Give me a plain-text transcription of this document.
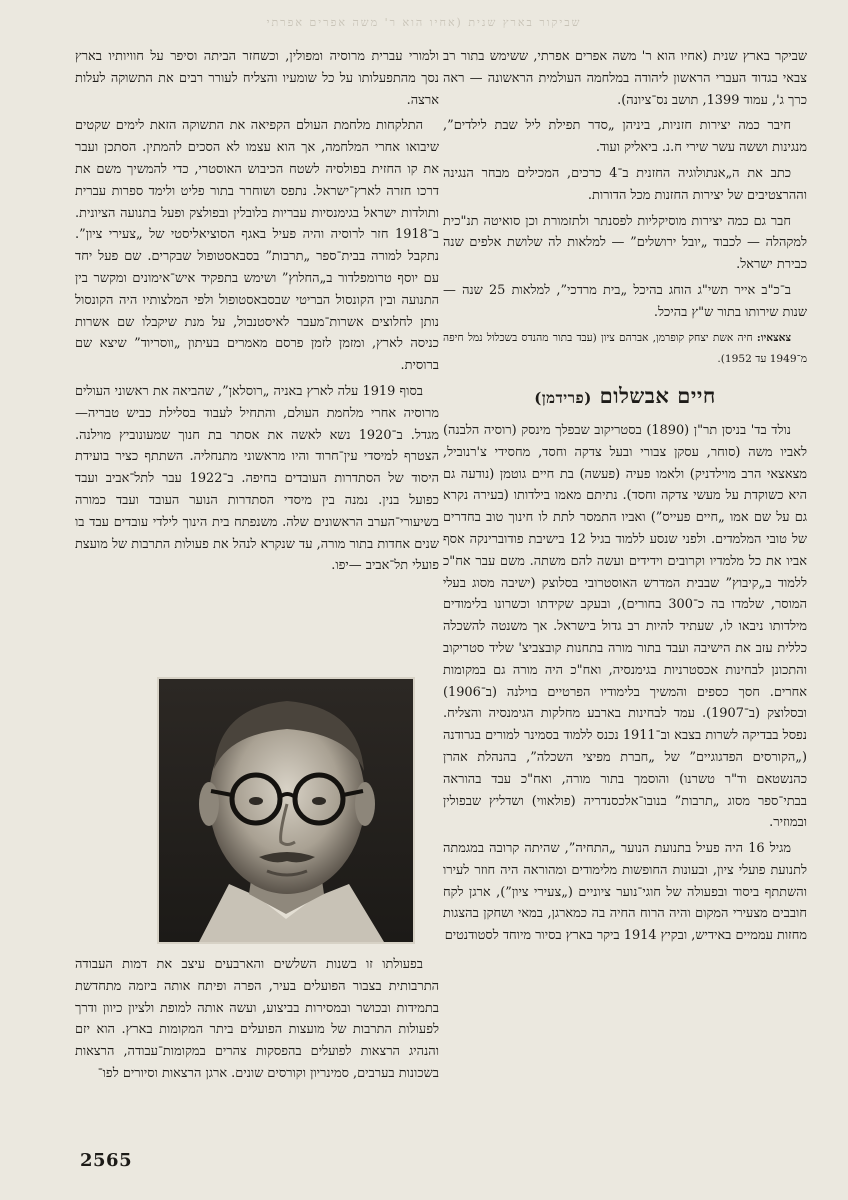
שביקור בארץ שנית (אחיו הוא ר' משה אפרים אפרתי

שביקר בארץ שנית (אחיו הוא ר' משה אפרים אפרתי, ששימש בתור רב צבאי בגדוד העברי הראשון ליהודה במלחמה העולמית הראשונה — ראה כרך ג', עמוד 1399, תושב נס־ציונה).

חיבר כמה יצירות חזניות, ביניהן „סדר תפילת ליל שבת לילדים”, מנגינות וששה עשר שירי ח.נ. ביאליק ועוד.

כתב את ה„אנתולוגיה החזנית ב־4 כרכים, המכילים מבחר הנגינה וההרצטיבים של יצירות החזנות מכל הדורות.

חבר גם כמה יצירות מוסיקליות לפסנתר ולתזמורת וכן סואיטה תנ"כית למקהלה — לכבוד „יובל ירושלים” — למלאות לה שלושת אלפים שנה כבירת ישראל.

ב־כ"ב אייר תשי"ג הוחג בהיכל „בית מרדכי”, למלאות 25 שנה — שנות שירותו בתור ש"ץ בהיכל.

צאצאיו: חיה אשת יצחק קופרמן, אברהם ציון (עבד בתור מהנדס בשכלול נמל חיפה מ־1949 עד 1952).

חיים אבשלום (פרידמן)

נולד בד' בניסן תר"ן (1890) בסטריקוב שבפלך מינסק (רוסיה הלבנה) לאביו משה (סוחר, עסקן צבורי ובעל צדקה וחסד, מחסידי צ'רנוביל, מצאצאי הרב מוילדניק) ולאמו פעיה (פעשה) בת חיים גוטמן (נודעה גם היא כשוקדת על מעשי צדקה וחסד). נתיתם מאמו בילדותו (בעירה נקרא גם על שם אמו „חיים פעייס”) ואביו התמסר לתת לו חינוך טוב בחדרים של טובי המלמדים. ולפני שנסע ללמוד בגיל 12 בישיבת פודוברינקה אסף אביו את כל מלמדיו וקרובים וידידים ועשה להם משתה. משם עבר אח"כ ללמוד ב„קיבוץ” שבבית המדרש האוסטרובי בסלוצק (ישיבה מסוג בעלי המוסר, שלמדו בה כ־300 בחורים), ובעקב שקידתו וכשרונו בלימודים מילדותו ניבאו לו, שעתיד להיות רב גדול בישראל. אך משנטה להשכלה כללית עזב את הישיבה ועבד בתור מורה בתחנות קובצביצ' שליד סטריקוב והתכונן לבחינות אכסטרניות בגימנסיה, ואח"כ היה מורה גם במקומות אחרים. חסך כספים והמשיך בלימודיו הפרטיים בוילנה (ב־1906) ובסלוצק (ב־1907). עמד לבחינות בארבע מחלקות הגימנסיה והצליח. נפסל בבדיקה לשרות בצבא וב־1911 נכנס ללמוד בסמינר למורים בגרודנה („הקורסים הפדגוגיים” של „חברת מפיצי השכלה”, בהנהלת אהרן כהנשטאם וד"ר טשרנו) והוסמך בתור מורה, ואח"כ עבד בהוראה בבתי־ספר מסוג „תרבות” בנובו־אלכסנדריה (פולאווי) ושדליץ שבפולין ובמוזיר.

מגיל 16 היה פעיל בתנועת הנוער „התחיה”, שהיתה קרובה במגמתה לתנועת פועלי ציון, ובעונות החופשות מלימודים ומהוראה היה חוזר לעירו והשתתף ביסוד ובפעולה של חוגי־נוער ציוניים („צעירי ציון”), ארגן לקח חובבים מצעירי המקום והיה הרוח החיה בה כמארגן, במאי ושחקן בהצגות מחזות עממיים באידיש, ובקיץ 1914 ביקר בארץ בסיור מיוחד לסטודנטים

ולמורי עברית מרוסיה ומפולין, וכשחזר הביתה וסיפר על חוויותיו בארץ נסך מהתפעלותו על כל שומעיו והצליח לעורר רבים את התשוקה לעלות ארצה.

התלקחות מלחמת העולם הקפיאה את התשוקה הזאת לימים שקטים שיבואו אחרי המלחמה, אך הוא עצמו לא הסכים להמתין. הסתכן ועבר את קו החזית בפולסיה לשטח הכיבוש האוסטרי, כדי להמשיך משם את דרכו חזרה לארץ־ישראל. נתפס ושוחרר בתור פליט ולימד ספרות עברית ותולדות ישראל בגימנסיות עבריות בלובלין ובפולצק ופעל בתנועה הציונית. ב־1918 חזר לרוסיה והיה פעיל באגף הסוציאליסטי של „צעירי ציון”. נתקבל למורה בבית־ספר „תרבות” בסבאסטופול שבקרים. שם פעל יחד עם יוסף טרומפלדור ב„החלוץ” ושימש בתפקיד איש־אימונים ומקשר בין התנועה ובין הקונסול הבריטי שבסבאסטופול ולפי המלצותיו היה הקונסול נותן לחלוצים אשרות־מעבר לאיסטנבול, על מנת שיקבלו שם אשרות כניסה לארץ, ומזמן לזמן פרסם מאמרים בעיתון „ווסריוד” שיצא שם ברוסית.

בסוף 1919 עלה לארץ באניה „רוסלאן”, שהביאה את ראשוני העולים מרוסיה אחרי מלחמת העולם, והתחיל לעבוד בסלילת כביש טבריה—מגדל. ב־1920 נשא לאשה את אסתר בת חנוך שמעונוביץ מוילנה. הצטרף למיסדי עין־חרוד והיו מראשוני מתנחליה. השתתף כציר בועידת היסוד של הסתדרות העובדים בחיפה. ב־1922 עבר לתל־אביב ועבד כפועל בנין. נמנה בין מיסדי הסתדרות הנוער העובד ועבד כמורה בשיעורי־הערב הראשונים שלה. משנפתח בית הינוך לילדי עובדים עבד בו שנים אחדות בתור מורה, עד שנקרא לנהל את פעולות התרבות של מועצת פועלי תל־אביב —יפו.

בפעולתו זו בשנות השלשים והארבעים עיצב את דמות העבודה התרבותית בצבור הפועלים בעיר, הפרה ופיתח אותה ביזמה מתחדשת בתמידות ובכושר ובמסירות בביצוע, ועשה אותה למופת ולציון כיוון ודרך לפעולות התרבות של מועצות הפועלים ביתר המקומות בארץ. הוא יזם והנהיג הרצאות לפועלים בהפסקות צהרים במקומות־עבודה, הרצאות בשכונות בערבים, סמינריון וקורסים שונים. ארגן הרצאות וסיורים לפו־

2565
